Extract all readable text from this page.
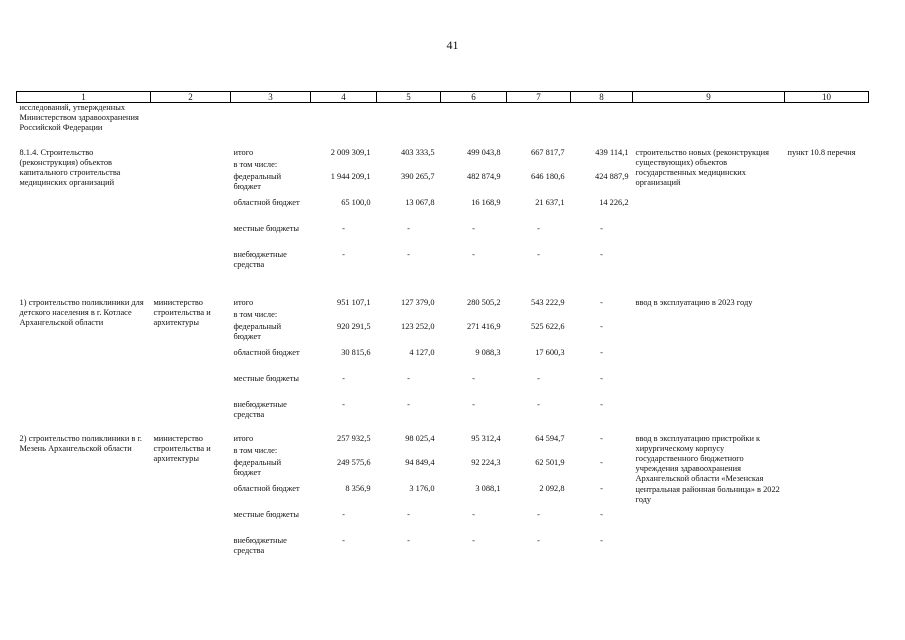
41
1	2	3	4	5	6	7	8	9	10
исследований, утвержденных Министерством здравоохранения Российской Федерации									

8.1.4. Строительство (реконструкция) объектов капитального строительства медицинских организаций		итого	2 009 309,1	403 333,5	499 043,8	667 817,7	439 114,1	строительство новых (реконструкция существующих) объектов государственных медицинских организаций	пункт 10.8 перечня
		в том числе:							
		федеральный бюджет	1 944 209,1	390 265,7	482 874,9	646 180,6	424 887,9		
		областной бюджет	65 100,0	13 067,8	16 168,9	21 637,1	14 226,2		
		местные бюджеты	-	-	-	-	-		
		внебюджетные средства	-	-	-	-	-		

1) строительство поликлиники для детского населения в г. Котласе Архангельской области	министерство строительства и архитектуры	итого	951 107,1	127 379,0	280 505,2	543 222,9	-	ввод в эксплуатацию в 2023 году	
		в том числе:							
		федеральный бюджет	920 291,5	123 252,0	271 416,9	525 622,6	-		
		областной бюджет	30 815,6	4 127,0	9 088,3	17 600,3	-		
		местные бюджеты	-	-	-	-	-		
		внебюджетные средства	-	-	-	-	-		

2) строительство поликлиники в г. Мезень Архангельской области	министерство строительства и архитектуры	итого	257 932,5	98 025,4	95 312,4	64 594,7	-	ввод в эксплуатацию пристройки к хирургическому корпусу государственного бюджетного учреждения здравоохранения Архангельской области «Мезенская центральная районная больница» в 2022 году	
		в том числе:							
		федеральный бюджет	249 575,6	94 849,4	92 224,3	62 501,9	-		
		областной бюджет	8 356,9	3 176,0	3 088,1	2 092,8	-		
		местные бюджеты	-	-	-	-	-		
		внебюджетные средства	-	-	-	-	-		
